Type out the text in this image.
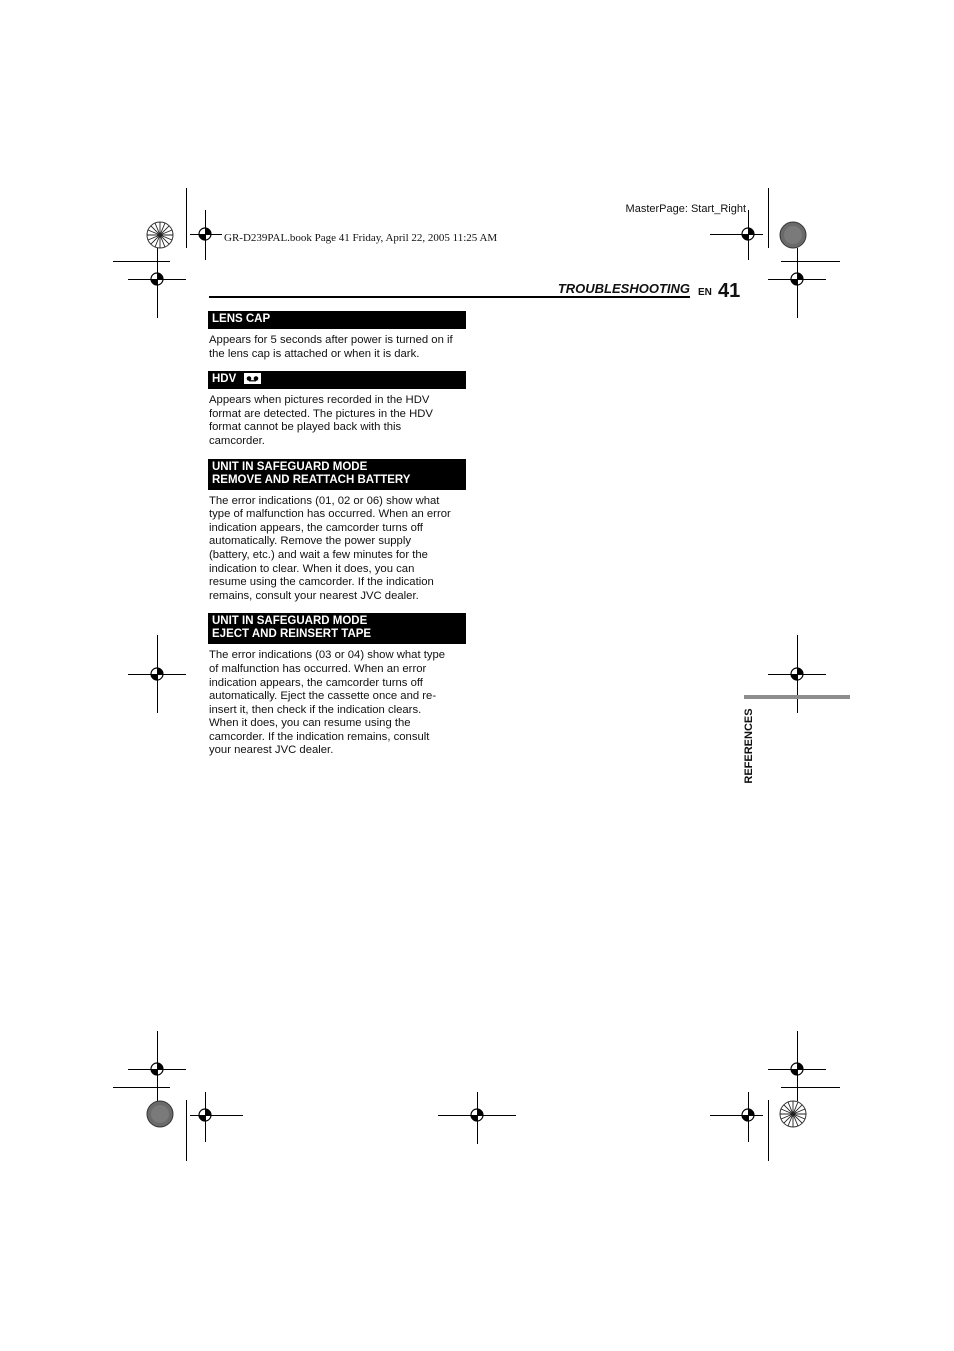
MasterPage: Start_Right
GR-D239PAL.book Page 41 Friday, April 22, 2005 11:25 AM
TROUBLESHOOTING EN 41
LENS CAP
Appears for 5 seconds after power is turned on if
the lens cap is attached or when it is dark.
HDV
Appears when pictures recorded in the HDV
format are detected. The pictures in the HDV
format cannot be played back with this
camcorder.
UNIT IN SAFEGUARD MODE
REMOVE AND REATTACH BATTERY
The error indications (01, 02 or 06) show what
type of malfunction has occurred. When an error
indication appears, the camcorder turns off
automatically. Remove the power supply
(battery, etc.) and wait a few minutes for the
indication to clear. When it does, you can
resume using the camcorder. If the indication
remains, consult your nearest JVC dealer.
UNIT IN SAFEGUARD MODE
EJECT AND REINSERT TAPE
The error indications (03 or 04) show what type
of malfunction has occurred. When an error
indication appears, the camcorder turns off
automatically. Eject the cassette once and re-
insert it, then check if the indication clears.
When it does, you can resume using the
camcorder. If the indication remains, consult
your nearest JVC dealer.	REFERENCES
